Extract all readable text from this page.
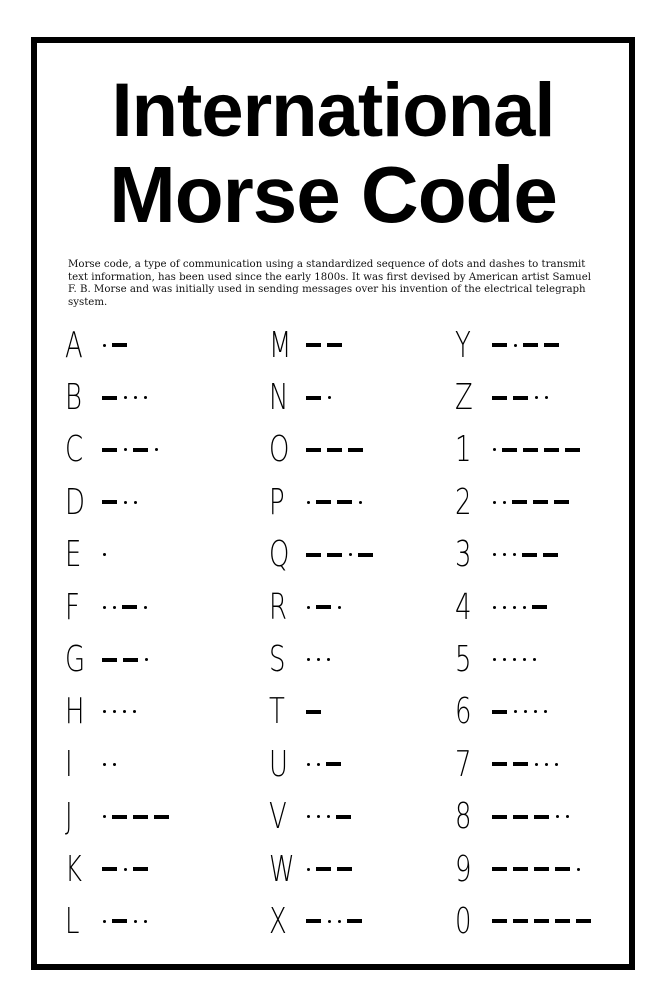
International
Morse Code

Morse code, a type of communication using a standardized sequence of dots and dashes to transmit text information, has been used since the early 1800s. It was first devised by American artist Samuel F. B. Morse and was initially used in sending messages over his invention of the electrical telegraph system.

A
B
C
D
E
F
G
H
I
J
K
L
M
N
O
P
Q
R
S
T
U
V
W
X
Y
Z
1
2
3
4
5
6
7
8
9
0
